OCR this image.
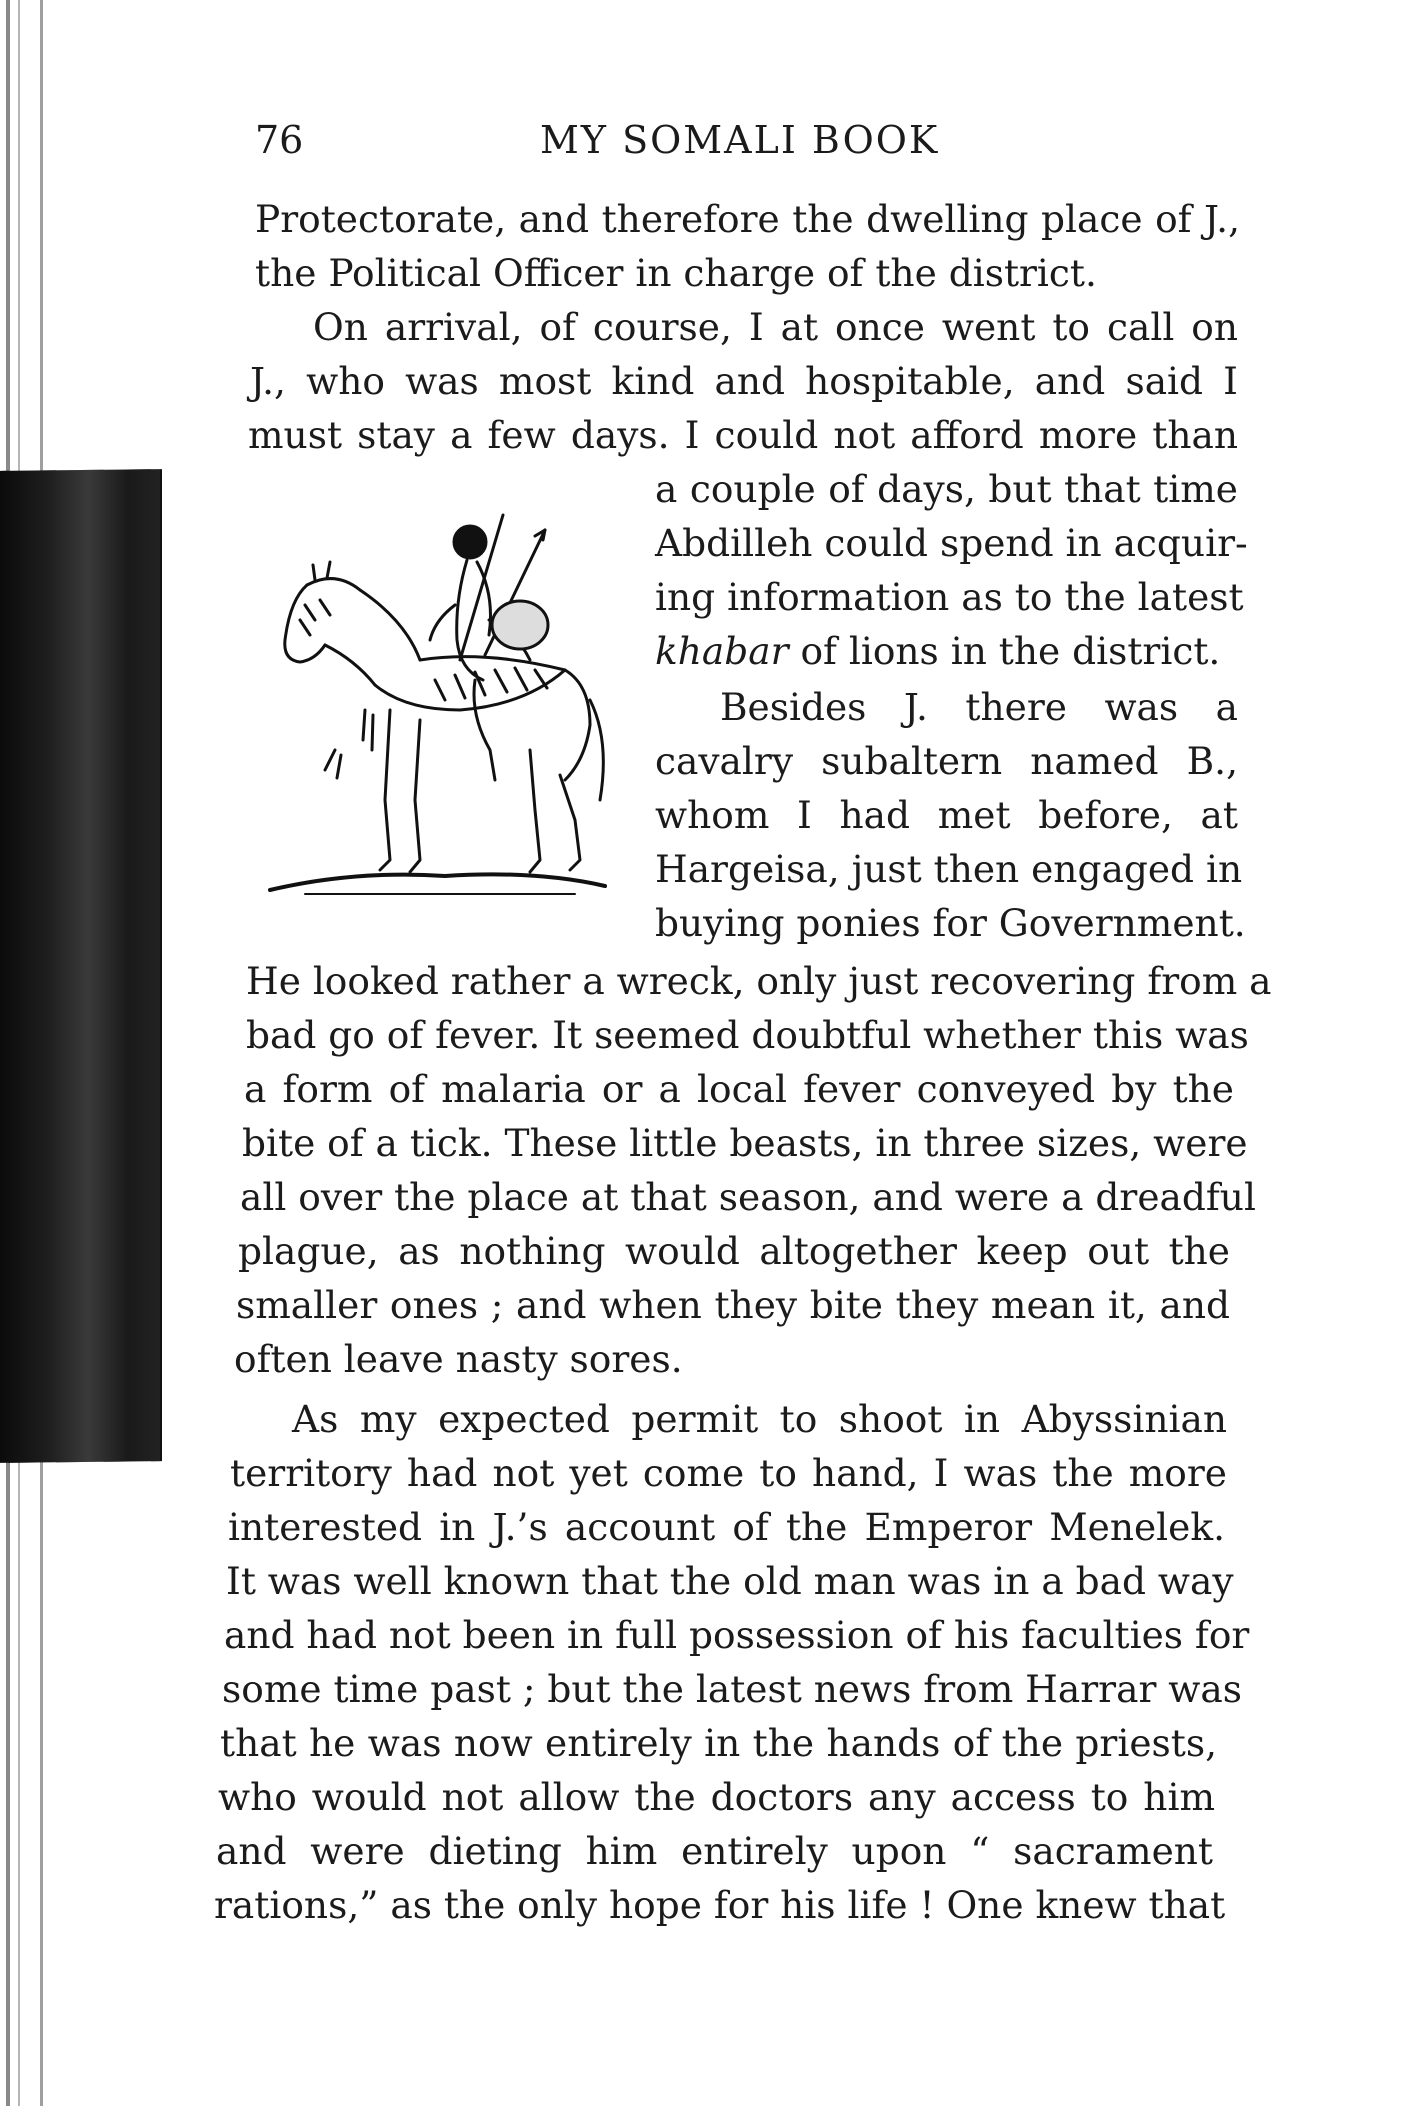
76	MY SOMALI BOOK
Protectorate, and therefore the dwelling place of J.,
the Political Officer in charge of the district.
On arrival, of course, I at once went to call on
J., who was most kind and hospitable, and said I
must stay a few days. I could not afford more than
a couple of days, but that time
Abdilleh could spend in acquir-
ing information as to the latest
khabar of lions in the district.
Besides J. there was a
cavalry subaltern named B.,
whom I had met before, at
Hargeisa, just then engaged in
buying ponies for Government.
He looked rather a wreck, only just recovering from a
bad go of fever. It seemed doubtful whether this was
a form of malaria or a local fever conveyed by the
bite of a tick. These little beasts, in three sizes, were
all over the place at that season, and were a dreadful
plague, as nothing would altogether keep out the
smaller ones ; and when they bite they mean it, and
often leave nasty sores.
As my expected permit to shoot in Abyssinian
territory had not yet come to hand, I was the more
interested in J.’s account of the Emperor Menelek.
It was well known that the old man was in a bad way
and had not been in full possession of his faculties for
some time past ; but the latest news from Harrar was
that he was now entirely in the hands of the priests,
who would not allow the doctors any access to him
and were dieting him entirely upon “ sacrament
rations,” as the only hope for his life ! One knew that
